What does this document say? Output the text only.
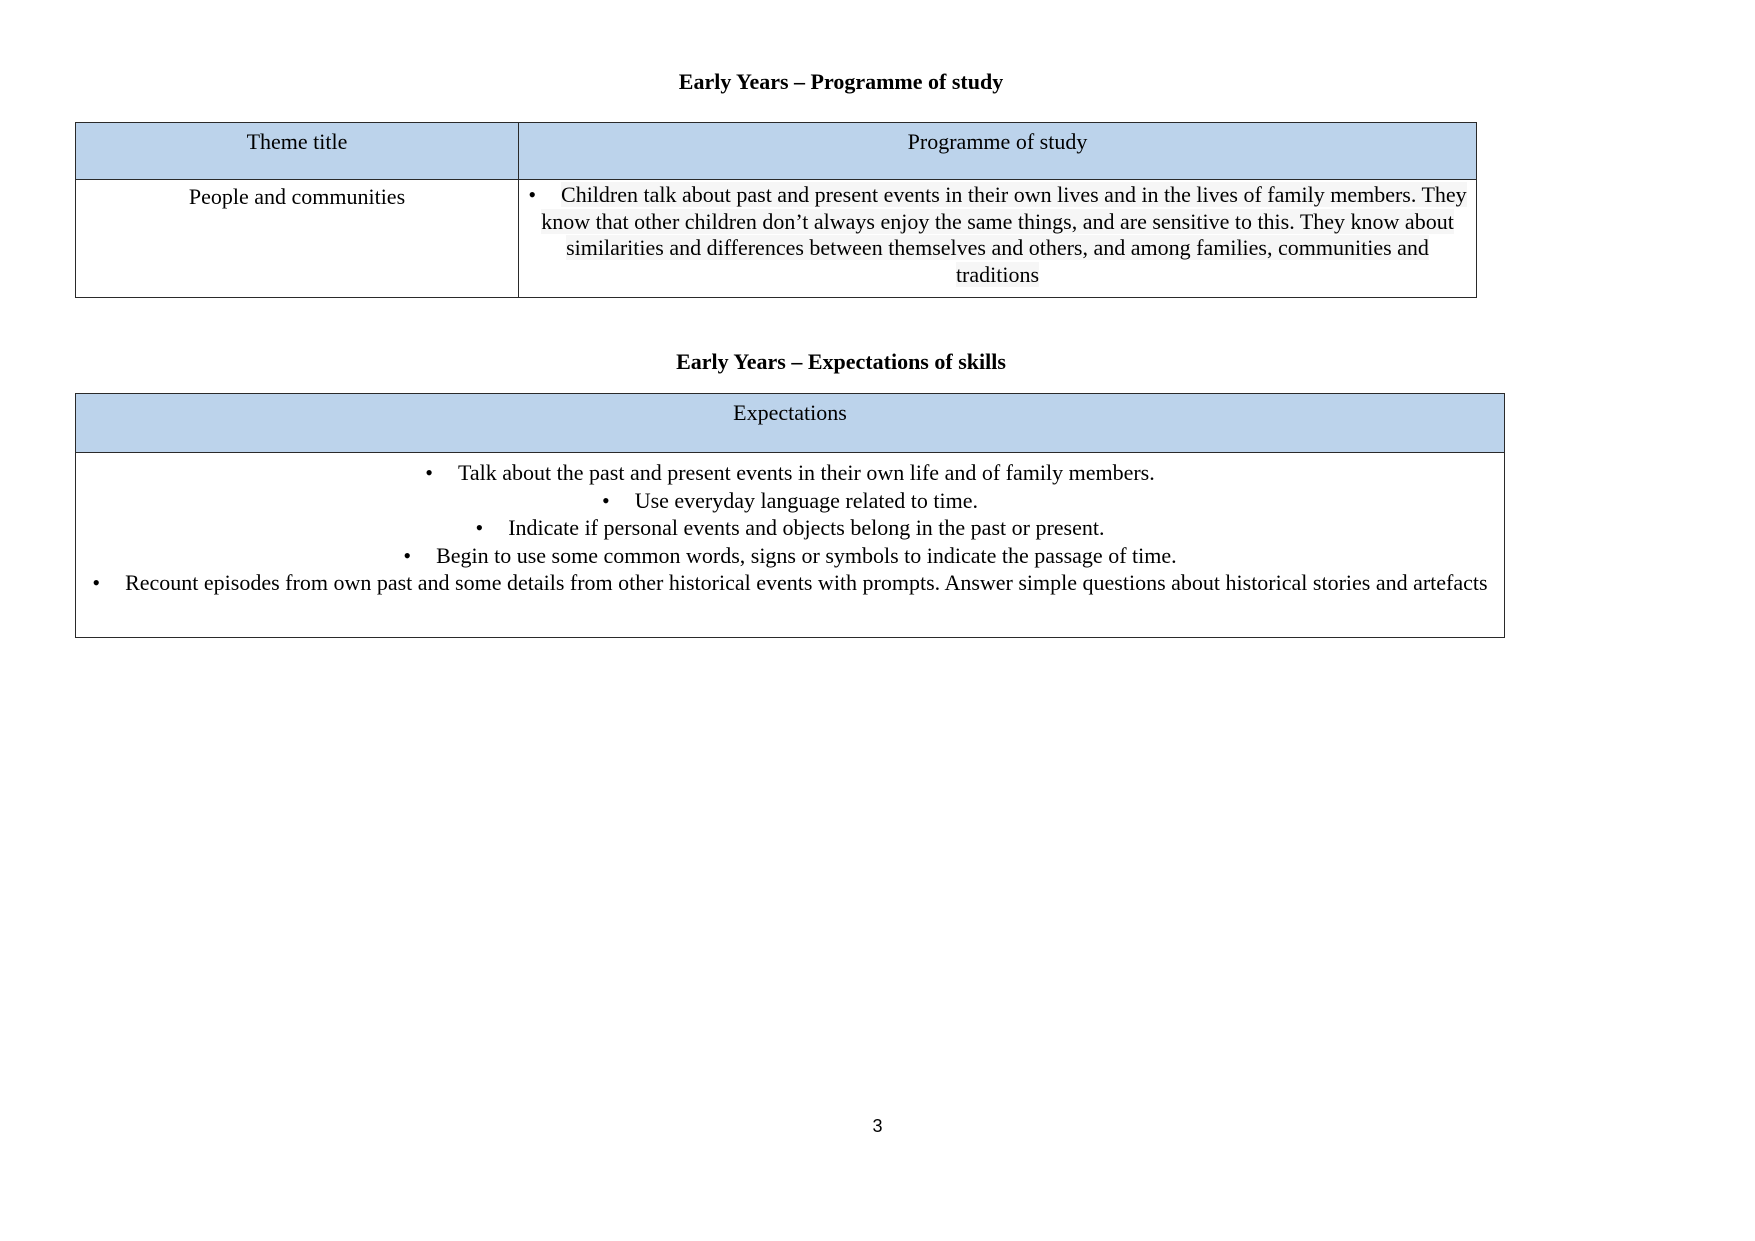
Early Years – Programme of study
Theme title	Programme of study
People and communities	• Children talk about past and present events in their own lives and in the lives of family members. They know that other children don’t always enjoy the same things, and are sensitive to this. They know about similarities and differences between themselves and others, and among families, communities and traditions
Early Years – Expectations of skills
Expectations

• Talk about the past and present events in their own life and of family members.
• Use everyday language related to time.
• Indicate if personal events and objects belong in the past or present.
• Begin to use some common words, signs or symbols to indicate the passage of time.
• Recount episodes from own past and some details from other historical events with prompts. Answer simple questions about historical stories and artefacts
3
